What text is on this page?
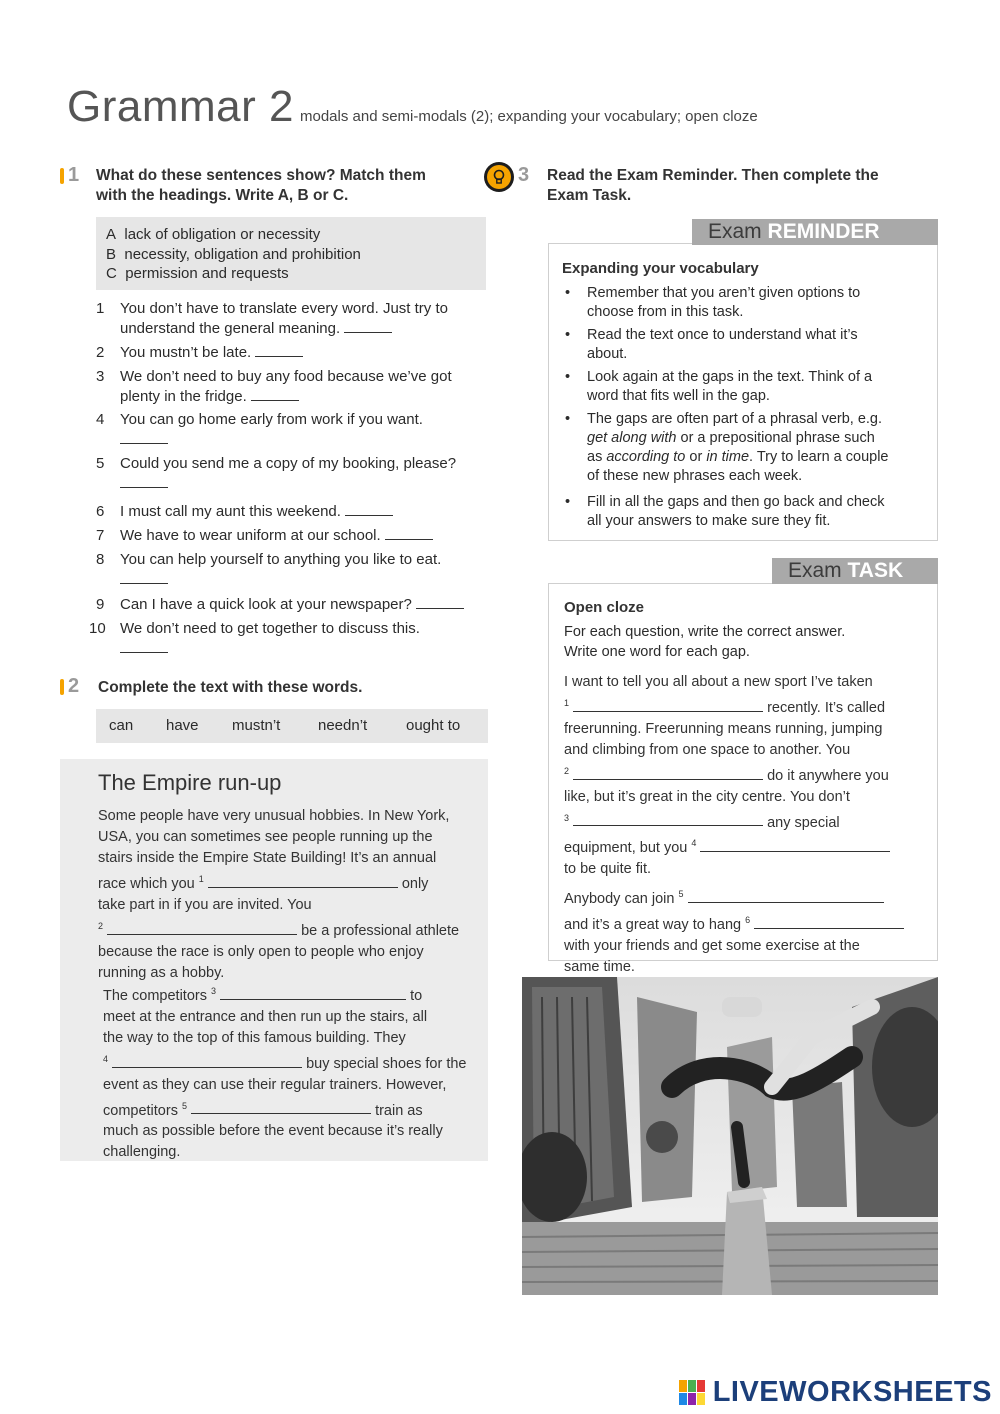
Grammar 2 modals and semi-modals (2); expanding your vocabulary; open cloze
1 What do these sentences show? Match them
with the headings. Write A, B or C.
A lack of obligation or necessity
B necessity, obligation and prohibition
C permission and requests
1	You don’t have to translate every word. Just try to
understand the general meaning.
2	You mustn’t be late.
3	We don’t need to buy any food because we’ve got
plenty in the fridge.
4	You can go home early from work if you want.

5	Could you send me a copy of my booking, please?

6	I must call my aunt this weekend.
7	We have to wear uniform at our school.
8	You can help yourself to anything you like to eat.

9	Can I have a quick look at your newspaper?
10 We don’t need to get together to discuss this.

2 Complete the text with these words.
can have mustn’t	needn’t	ought to
The Empire run-up
Some people have very unusual hobbies. In New York,
USA, you can sometimes see people running up the
stairs inside the Empire State Building! It’s an annual
race which you $^1$	only
take part in if you are invited. You
$^2$	be a professional athlete
because the race is only open to people who enjoy
running as a hobby.
The competitors $^3$	to
meet at the entrance and then run up the stairs, all
the way to the top of this famous building. They
$^4$	buy special shoes for the
event as they can use their regular trainers. However,
competitors $^5$	train as
much as possible before the event because it’s really
challenging.
3 Read the Exam Reminder. Then complete the
Exam Task.
Exam REMINDER
Expanding your vocabulary
• Remember that you aren’t given options to
choose from in this task.
• Read the text once to understand what it’s
about.
• Look again at the gaps in the text. Think of a
word that fits well in the gap.
• The gaps are often part of a phrasal verb, e.g.
get along with or a prepositional phrase such
as according to or in time. Try to learn a couple
of these new phrases each week.
• Fill in all the gaps and then go back and check
all your answers to make sure they fit.
Exam TASK
Open cloze
For each question, write the correct answer.
Write one word for each gap.
I want to tell you all about a new sport I’ve taken
$^1$	recently. It’s called
freerunning. Freerunning means running, jumping
and climbing from one space to another. You
$^2$	do it anywhere you
like, but it’s great in the city centre. You don’t
$^3$	any special
equipment, but you $^4$
to be quite fit.
Anybody can join $^5$
and it’s a great way to hang $^6$
with your friends and get some exercise at the
same time.
LIVEWORKSHEETS
